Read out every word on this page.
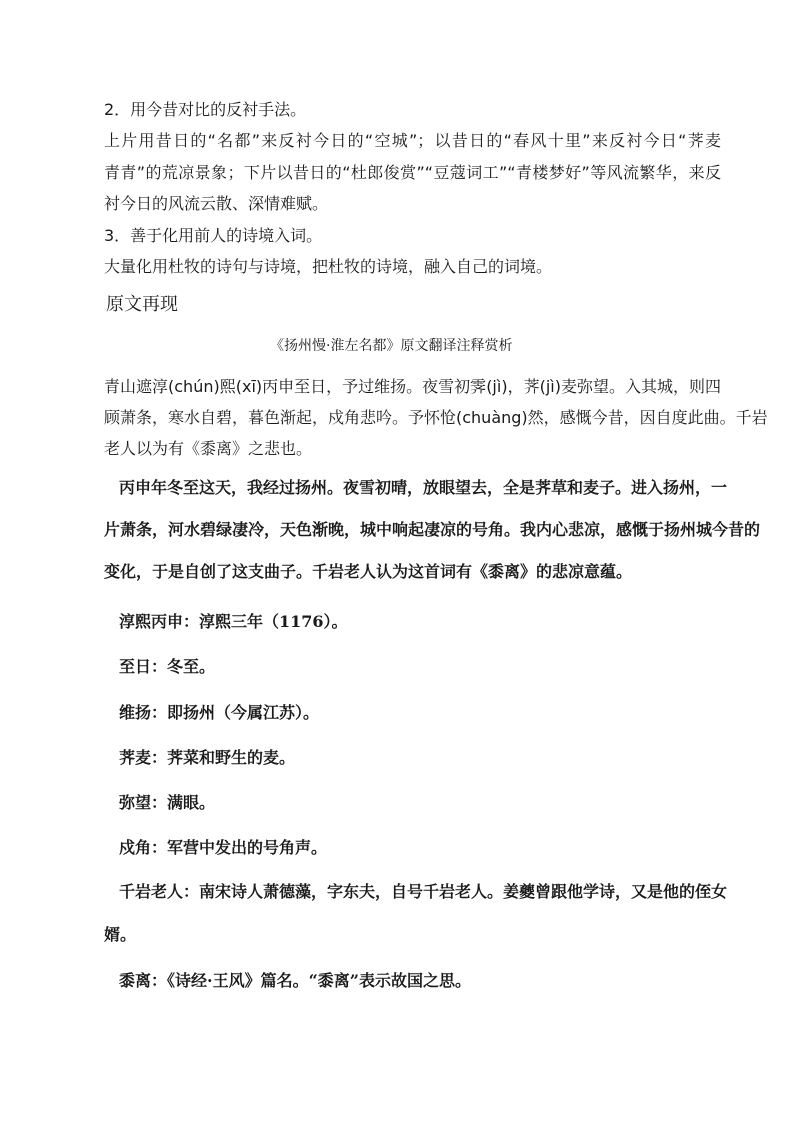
2．用今昔对比的反衬手法。
上片用昔日的“名都”来反衬今日的“空城”；以昔日的“春风十里”来反衬今日“荠麦
青青”的荒凉景象；下片以昔日的“杜郎俊赏”“豆蔻词工”“青楼梦好”等风流繁华，来反
衬今日的风流云散、深情难赋。
3．善于化用前人的诗境入词。
大量化用杜牧的诗句与诗境，把杜牧的诗境，融入自己的词境。
原文再现
《扬州慢·淮左名都》原文翻译注释赏析
青山遮淳(chún)熙(xī)丙申至日，予过维扬。夜雪初霁(jì)，荠(jì)麦弥望。入其城，则四
顾萧条，寒水自碧，暮色渐起，戍角悲吟。予怀怆(chuàng)然，感慨今昔，因自度此曲。千岩
老人以为有《黍离》之悲也。
丙申年冬至这天，我经过扬州。夜雪初晴，放眼望去，全是荠草和麦子。进入扬州，一
片萧条，河水碧绿凄冷，天色渐晚，城中响起凄凉的号角。我内心悲凉，感慨于扬州城今昔的
变化，于是自创了这支曲子。千岩老人认为这首词有《黍离》的悲凉意蕴。
淳熙丙申：淳熙三年（1176）。
至日：冬至。
维扬：即扬州（今属江苏）。
荠麦：荠菜和野生的麦。
弥望：满眼。
戍角：军营中发出的号角声。
千岩老人：南宋诗人萧德藻，字东夫，自号千岩老人。姜夔曾跟他学诗，又是他的侄女
婿。
黍离：《诗经·王风》篇名。“黍离”表示故国之思。
